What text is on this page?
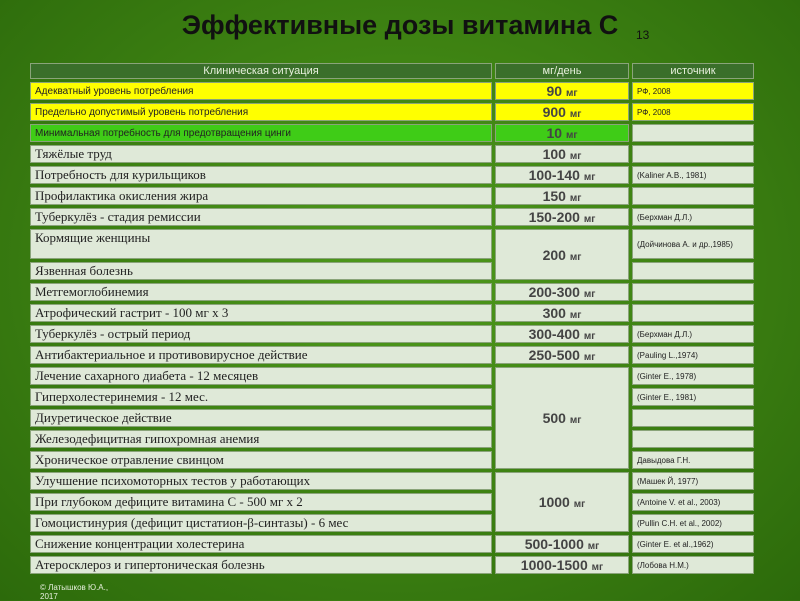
Эффективные дозы витамина С	13
Клиническая ситуация	мг/день	источник
Адекватный уровень потребления	90 мг	РФ, 2008
Предельно допустимый уровень потребления	900 мг	РФ, 2008
Минимальная потребность для предотвращения цинги	10 мг	
Тяжёлые труд	100 мг	
Потребность для курильщиков	100-140 мг	(Kaliner A.B., 1981)
Профилактика окисления жира	150 мг	
Туберкулёз - стадия ремиссии	150-200 мг	(Берхман Д.Л.)
Кормящие женщины	200 мг	(Дойчинова А. и др.,1985)
Язвенная болезнь		
Метгемоглобинемия	200-300 мг	
Атрофический гастрит - 100 мг х 3	300 мг	
Туберкулёз - острый период	300-400 мг	(Берхман Д.Л.)
Антибактериальное и противовирусное действие	250-500 мг	(Pauling L.,1974)
Лечение сахарного диабета - 12 месяцев	500 мг	(Ginter E., 1978)
Гиперхолестеринемия - 12 мес.		(Ginter E., 1981)
Диуретическое действие		
Железодефицитная гипохромная анемия		
Хроническое отравление свинцом		Давыдова Г.Н.
Улучшение психомоторных тестов у работающих	1000 мг	(Машек Й, 1977)
При глубоком дефиците витамина С - 500 мг х 2		(Antoine V. et al., 2003)
Гомоцистинурия (дефицит цистатион-β-синтазы) - 6 мес		(Pullin C.H. et al., 2002)
Снижение концентрации холестерина	500-1000 мг	(Ginter E. et al.,1962)
Атеросклероз и гипертоническая болезнь	1000-1500 мг	(Лобова Н.М.)
© Латышков Ю.А.,
2017
